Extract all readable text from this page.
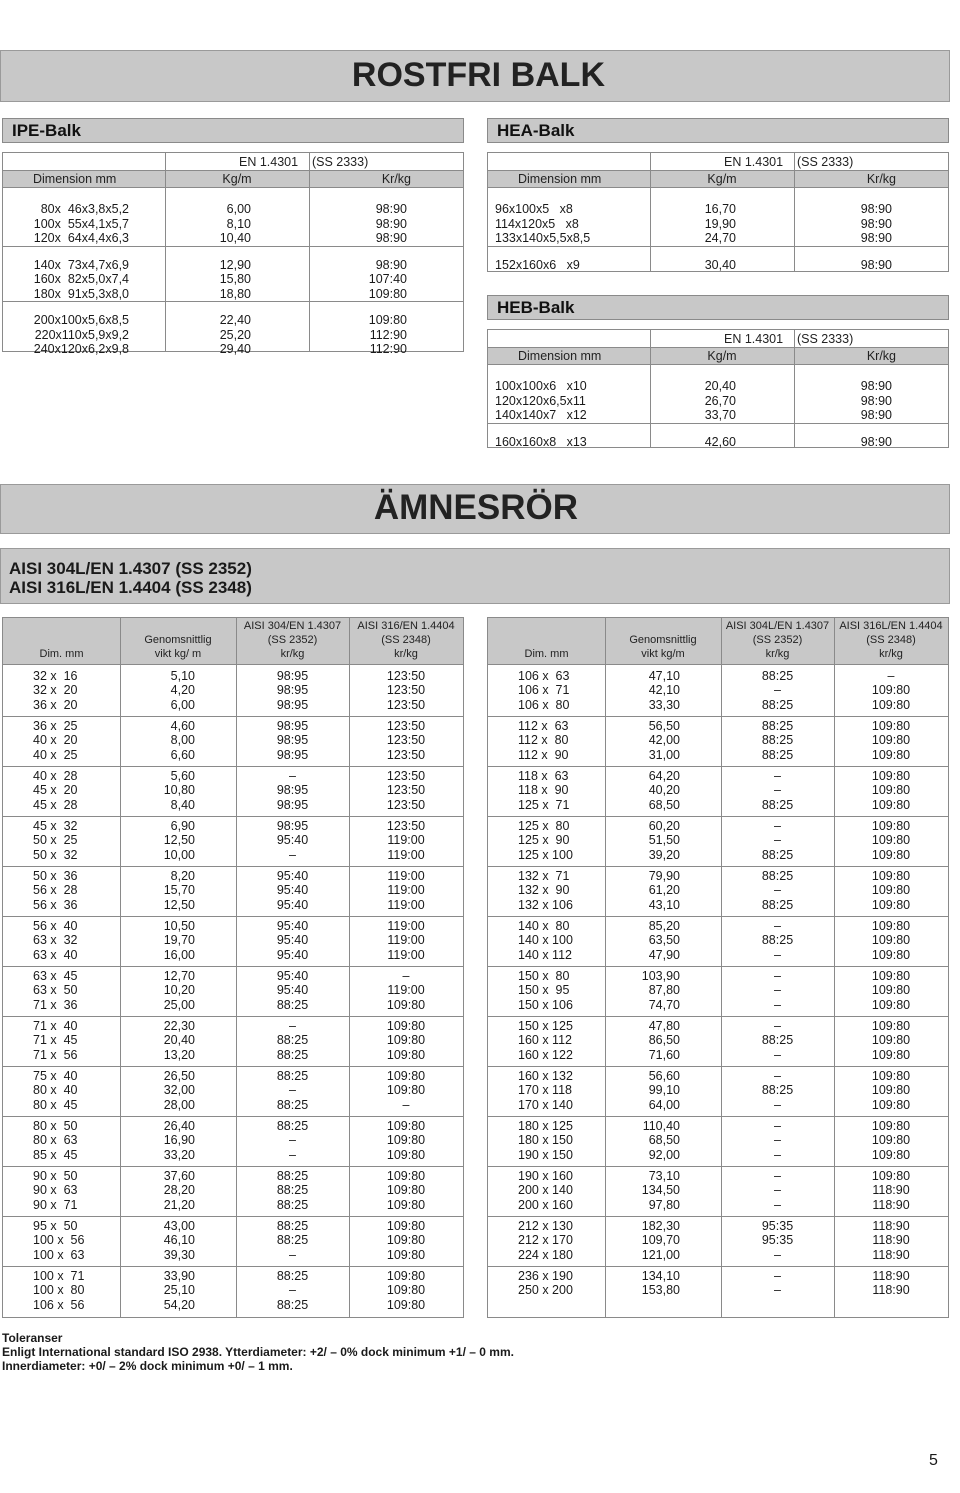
ROSTFRI BALK
IPE-Balk
EN 1.4301    (SS 2333)
Dimension mm	Kg/m	Kr/kg
80x  46x3,8x5,2	6,00	98:90
100x  55x4,1x5,7	8,10	98:90
120x  64x4,4x6,3	10,40	98:90
140x  73x4,7x6,9	12,90	98:90
160x  82x5,0x7,4	15,80	107:40
180x  91x5,3x8,0	18,80	109:80
200x100x5,6x8,5	22,40	109:80
220x110x5,9x9,2	25,20	112:90
240x120x6,2x9,8	29,40	112:90
HEA-Balk
EN 1.4301    (SS 2333)
Dimension mm	Kg/m	Kr/kg
96x100x5   x8	16,70	98:90
114x120x5   x8	19,90	98:90
133x140x5,5x8,5	24,70	98:90
152x160x6   x9	30,40	98:90
HEB-Balk
EN 1.4301    (SS 2333)
Dimension mm	Kg/m	Kr/kg
100x100x6   x10	20,40	98:90
120x120x6,5x11	26,70	98:90
140x140x7   x12	33,70	98:90
160x160x8   x13	42,60	98:90
ÄMNESRÖR
AISI 304L/EN 1.4307 (SS 2352)
AISI 316L/EN 1.4404 (SS 2348)
Dim. mm
Genomsnittlig
vikt kg/ m
AISI 304/EN 1.4307
(SS 2352)
kr/kg
AISI 316/EN 1.4404
(SS 2348)
kr/kg
32 x  16	5,10	98:95	123:50
32 x  20	4,20	98:95	123:50
36 x  20	6,00	98:95	123:50
36 x  25	4,60	98:95	123:50
40 x  20	8,00	98:95	123:50
40 x  25	6,60	98:95	123:50
40 x  28	5,60	–	123:50
45 x  20	10,80	98:95	123:50
45 x  28	8,40	98:95	123:50
45 x  32	6,90	98:95	123:50
50 x  25	12,50	95:40	119:00
50 x  32	10,00	–	119:00
50 x  36	8,20	95:40	119:00
56 x  28	15,70	95:40	119:00
56 x  36	12,50	95:40	119:00
56 x  40	10,50	95:40	119:00
63 x  32	19,70	95:40	119:00
63 x  40	16,00	95:40	119:00
63 x  45	12,70	95:40	–
63 x  50	10,20	95:40	119:00
71 x  36	25,00	88:25	109:80
71 x  40	22,30	–	109:80
71 x  45	20,40	88:25	109:80
71 x  56	13,20	88:25	109:80
75 x  40	26,50	88:25	109:80
80 x  40	32,00	–	109:80
80 x  45	28,00	88:25	–
80 x  50	26,40	88:25	109:80
80 x  63	16,90	–	109:80
85 x  45	33,20	–	109:80
90 x  50	37,60	88:25	109:80
90 x  63	28,20	88:25	109:80
90 x  71	21,20	88:25	109:80
95 x  50	43,00	88:25	109:80
100 x  56	46,10	88:25	109:80
100 x  63	39,30	–	109:80
100 x  71	33,90	88:25	109:80
100 x  80	25,10	–	109:80
106 x  56	54,20	88:25	109:80
Dim. mm
Genomsnittlig
vikt kg/m
AISI 304L/EN 1.4307
(SS 2352)
kr/kg
AISI 316L/EN 1.4404
(SS 2348)
kr/kg
106 x  63	47,10	88:25	–
106 x  71	42,10	–	109:80
106 x  80	33,30	88:25	109:80
112 x  63	56,50	88:25	109:80
112 x  80	42,00	88:25	109:80
112 x  90	31,00	88:25	109:80
118 x  63	64,20	–	109:80
118 x  90	40,20	–	109:80
125 x  71	68,50	88:25	109:80
125 x  80	60,20	–	109:80
125 x  90	51,50	–	109:80
125 x 100	39,20	88:25	109:80
132 x  71	79,90	88:25	109:80
132 x  90	61,20	–	109:80
132 x 106	43,10	88:25	109:80
140 x  80	85,20	–	109:80
140 x 100	63,50	88:25	109:80
140 x 112	47,90	–	109:80
150 x  80	103,90	–	109:80
150 x  95	87,80	–	109:80
150 x 106	74,70	–	109:80
150 x 125	47,80	–	109:80
160 x 112	86,50	88:25	109:80
160 x 122	71,60	–	109:80
160 x 132	56,60	–	109:80
170 x 118	99,10	88:25	109:80
170 x 140	64,00	–	109:80
180 x 125	110,40	–	109:80
180 x 150	68,50	–	109:80
190 x 150	92,00	–	109:80
190 x 160	73,10	–	109:80
200 x 140	134,50	–	118:90
200 x 160	97,80	–	118:90
212 x 130	182,30	95:35	118:90
212 x 170	109,70	95:35	118:90
224 x 180	121,00	–	118:90
236 x 190	134,10	–	118:90
250 x 200	153,80	–	118:90
Toleranser
Enligt International standard ISO 2938. Ytterdiameter: +2/ – 0% dock minimum +1/ – 0 mm.
Innerdiameter: +0/ – 2% dock minimum +0/ – 1 mm.
5
